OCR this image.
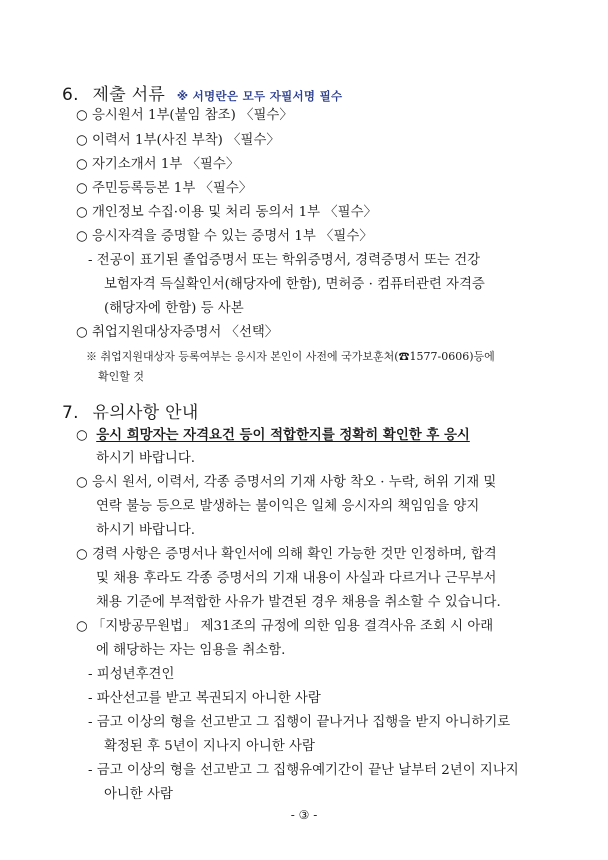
6. 제출 서류 ※ 서명란은 모두 자필서명 필수
○ 응시원서 1부(붙임 참조) 〈필수〉
○ 이력서 1부(사진 부착) 〈필수〉
○ 자기소개서 1부 〈필수〉
○ 주민등록등본 1부 〈필수〉
○ 개인정보 수집·이용 및 처리 동의서 1부 〈필수〉
○ 응시자격을 증명할 수 있는 증명서 1부 〈필수〉
- 전공이 표기된 졸업증명서 또는 학위증명서, 경력증명서 또는 건강
보험자격 득실확인서(해당자에 한함), 면허증 · 컴퓨터관련 자격증
(해당자에 한함) 등 사본
○ 취업지원대상자증명서 〈선택〉
※ 취업지원대상자 등록여부는 응시자 본인이 사전에 국가보훈처(☎1577-0606)등에
확인할 것
7. 유의사항 안내
○ 응시 희망자는 자격요건 등이 적합한지를 정확히 확인한 후 응시
하시기 바랍니다.
○ 응시 원서, 이력서, 각종 증명서의 기재 사항 착오 · 누락, 허위 기재 및
연락 불능 등으로 발생하는 불이익은 일체 응시자의 책임임을 양지
하시기 바랍니다.
○ 경력 사항은 증명서나 확인서에 의해 확인 가능한 것만 인정하며, 합격
및 채용 후라도 각종 증명서의 기재 내용이 사실과 다르거나 근무부서
채용 기준에 부적합한 사유가 발견된 경우 채용을 취소할 수 있습니다.
○ 「지방공무원법」 제31조의 규정에 의한 임용 결격사유 조회 시 아래
에 해당하는 자는 임용을 취소함.
- 피성년후견인
- 파산선고를 받고 복권되지 아니한 사람
- 금고 이상의 형을 선고받고 그 집행이 끝나거나 집행을 받지 아니하기로
확정된 후 5년이 지나지 아니한 사람
- 금고 이상의 형을 선고받고 그 집행유예기간이 끝난 날부터 2년이 지나지
아니한 사람
- ③ -
